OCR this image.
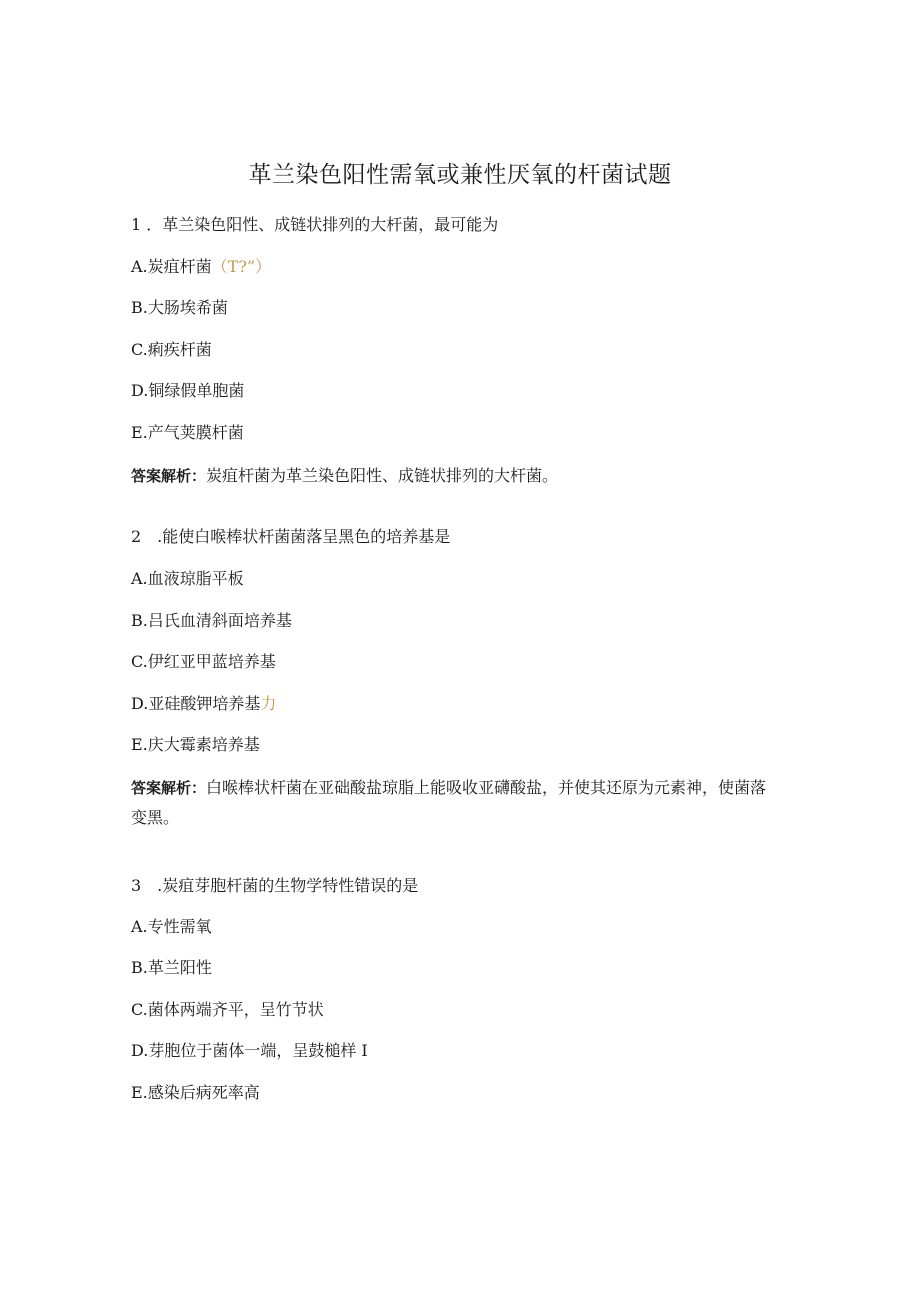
革兰染色阳性需氧或兼性厌氧的杆菌试题
1 ．革兰染色阳性、成链状排列的大杆菌，最可能为
A.炭疽杆菌（T?”）
B.大肠埃希菌
C.痢疾杆菌
D.铜绿假单胞菌
E.产气荚膜杆菌
答案解析：炭疽杆菌为革兰染色阳性、成链状排列的大杆菌。
2　.能使白喉棒状杆菌菌落呈黑色的培养基是
A.血液琼脂平板
B.吕氏血清斜面培养基
C.伊红亚甲蓝培养基
D.亚硅酸钾培养基力
E.庆大霉素培养基
答案解析：白喉棒状杆菌在亚础酸盐琼脂上能吸收亚礴酸盐，并使其还原为元素神，使菌落变黑。
3　.炭疽芽胞杆菌的生物学特性错误的是
A.专性需氧
B.革兰阳性
C.菌体两端齐平，呈竹节状
D.芽胞位于菌体一端，呈鼓槌样 I
E.感染后病死率高
